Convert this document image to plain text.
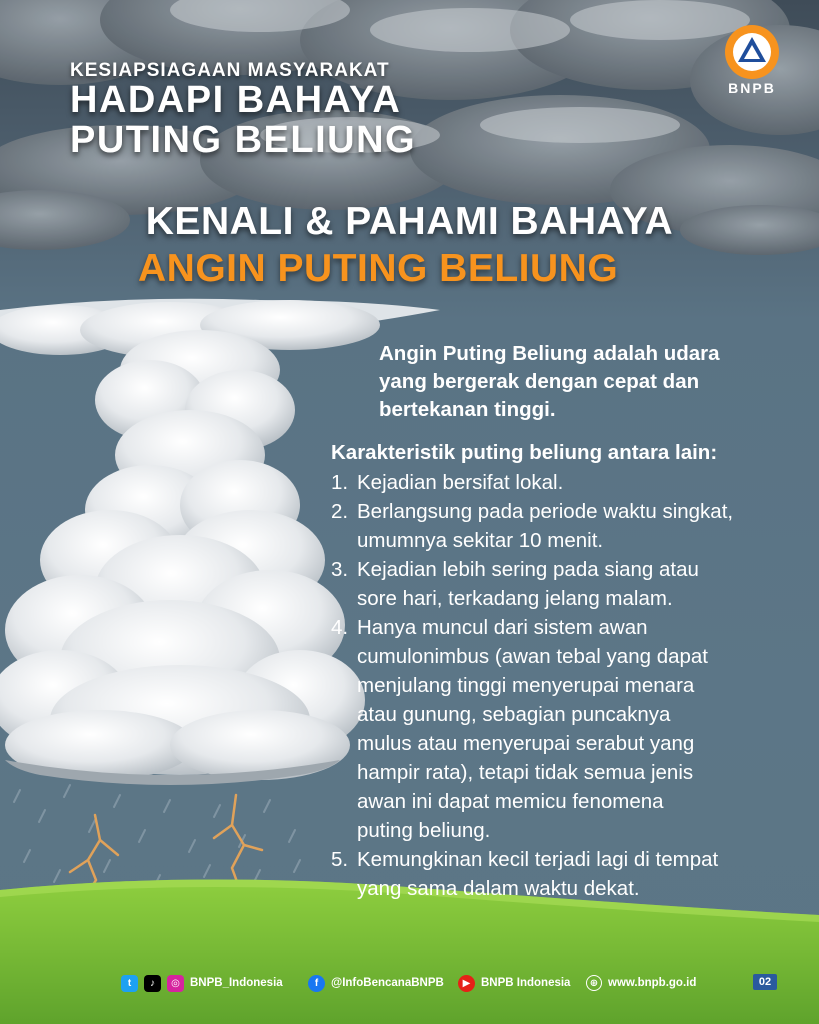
BNPB
KESIAPSIAGAAN MASYARAKAT
HADAPI BAHAYA
PUTING BELIUNG
KENALI & PAHAMI BAHAYA
ANGIN PUTING BELIUNG
Angin Puting Beliung adalah udara
yang bergerak dengan cepat dan
bertekanan tinggi.
Karakteristik puting beliung antara lain:
1. Kejadian bersifat lokal.
2. Berlangsung pada periode waktu singkat,
umumnya sekitar 10 menit.
3. Kejadian lebih sering pada siang atau
sore hari, terkadang jelang malam.
4. Hanya muncul dari sistem awan
cumulonimbus (awan tebal yang dapat
menjulang tinggi menyerupai menara
atau gunung, sebagian puncaknya
mulus atau menyerupai serabut yang
hampir rata), tetapi tidak semua jenis
awan ini dapat memicu fenomena
puting beliung.
5. Kemungkinan kecil terjadi lagi di tempat
yang sama dalam waktu dekat.
t	♪	◎ BNPB_Indonesia	f	@InfoBencanaBNPB	▶ BNPB Indonesia	⊕ www.bnpb.go.id	02
